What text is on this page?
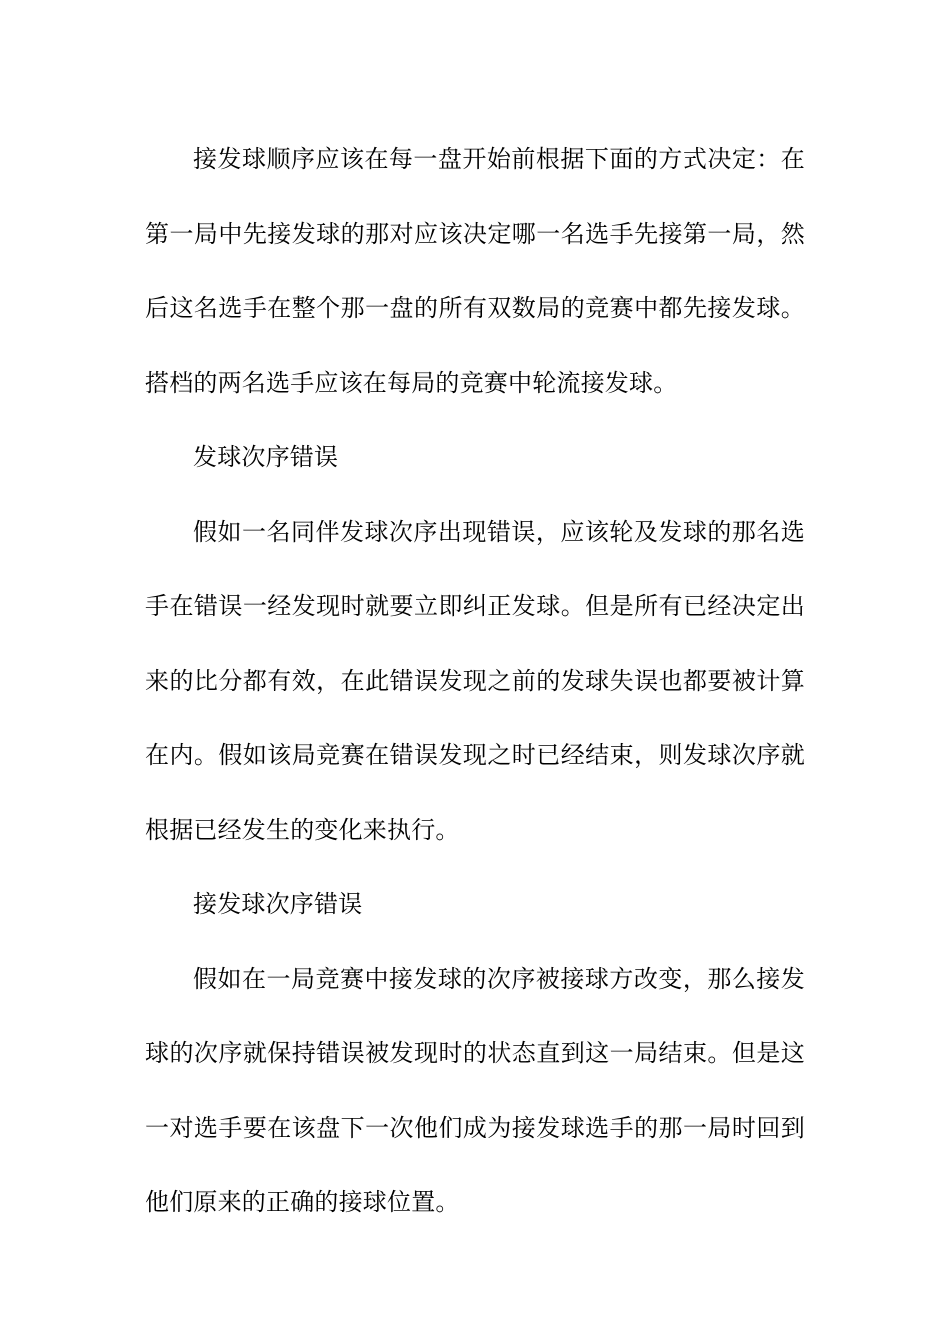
接发球顺序应该在每一盘开始前根据下面的方式决定：在第一局中先接发球的那对应该决定哪一名选手先接第一局，然后这名选手在整个那一盘的所有双数局的竞赛中都先接发球。搭档的两名选手应该在每局的竞赛中轮流接发球。

发球次序错误

假如一名同伴发球次序出现错误，应该轮及发球的那名选手在错误一经发现时就要立即纠正发球。但是所有已经决定出来的比分都有效，在此错误发现之前的发球失误也都要被计算在内。假如该局竞赛在错误发现之时已经结束，则发球次序就根据已经发生的变化来执行。

接发球次序错误

假如在一局竞赛中接发球的次序被接球方改变，那么接发球的次序就保持错误被发现时的状态直到这一局结束。但是这一对选手要在该盘下一次他们成为接发球选手的那一局时回到他们原来的正确的接球位置。
